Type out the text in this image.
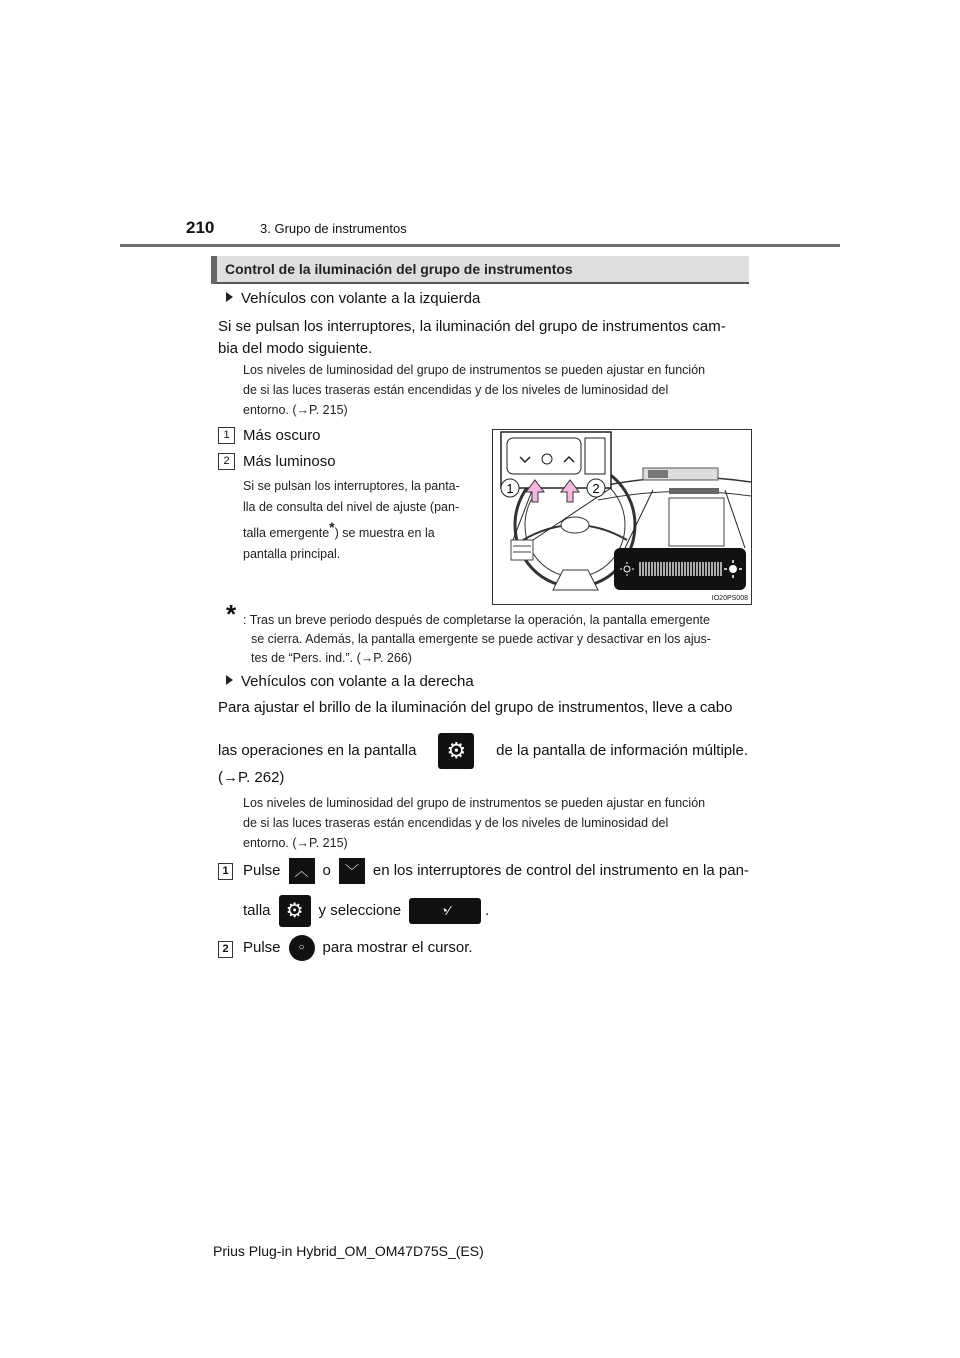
210	3. Grupo de instrumentos
Control de la iluminación del grupo de instrumentos
Vehículos con volante a la izquierda
Si se pulsan los interruptores, la iluminación del grupo de instrumentos cam-
bia del modo siguiente.
Los niveles de luminosidad del grupo de instrumentos se pueden ajustar en función
de si las luces traseras están encendidas y de los niveles de luminosidad del
entorno. (→P. 215)
1 Más oscuro
2 Más luminoso
Si se pulsan los interruptores, la panta-
lla de consulta del nivel de ajuste (pan-
talla emergente*) se muestra en la
pantalla principal.
1	2
IO20PS008
* : Tras un breve periodo después de completarse la operación, la pantalla emergente
se cierra. Además, la pantalla emergente se puede activar y desactivar en los ajus-
tes de “Pers. ind.”. (→P. 266)
Vehículos con volante a la derecha
Para ajustar el brillo de la iluminación del grupo de instrumentos, lleve a cabo
las operaciones en la pantalla	⚙	de la pantalla de información múltiple.
(→P. 262)
Los niveles de luminosidad del grupo de instrumentos se pueden ajustar en función
de si las luces traseras están encendidas y de los niveles de luminosidad del
entorno. (→P. 215)
1 Pulse	︿ o	﹀ en los interruptores de control del instrumento en la pan-
talla ⚙	y seleccione	◔⁄	.
2 Pulse	○	para mostrar el cursor.
Prius Plug-in Hybrid_OM_OM47D75S_(ES)
